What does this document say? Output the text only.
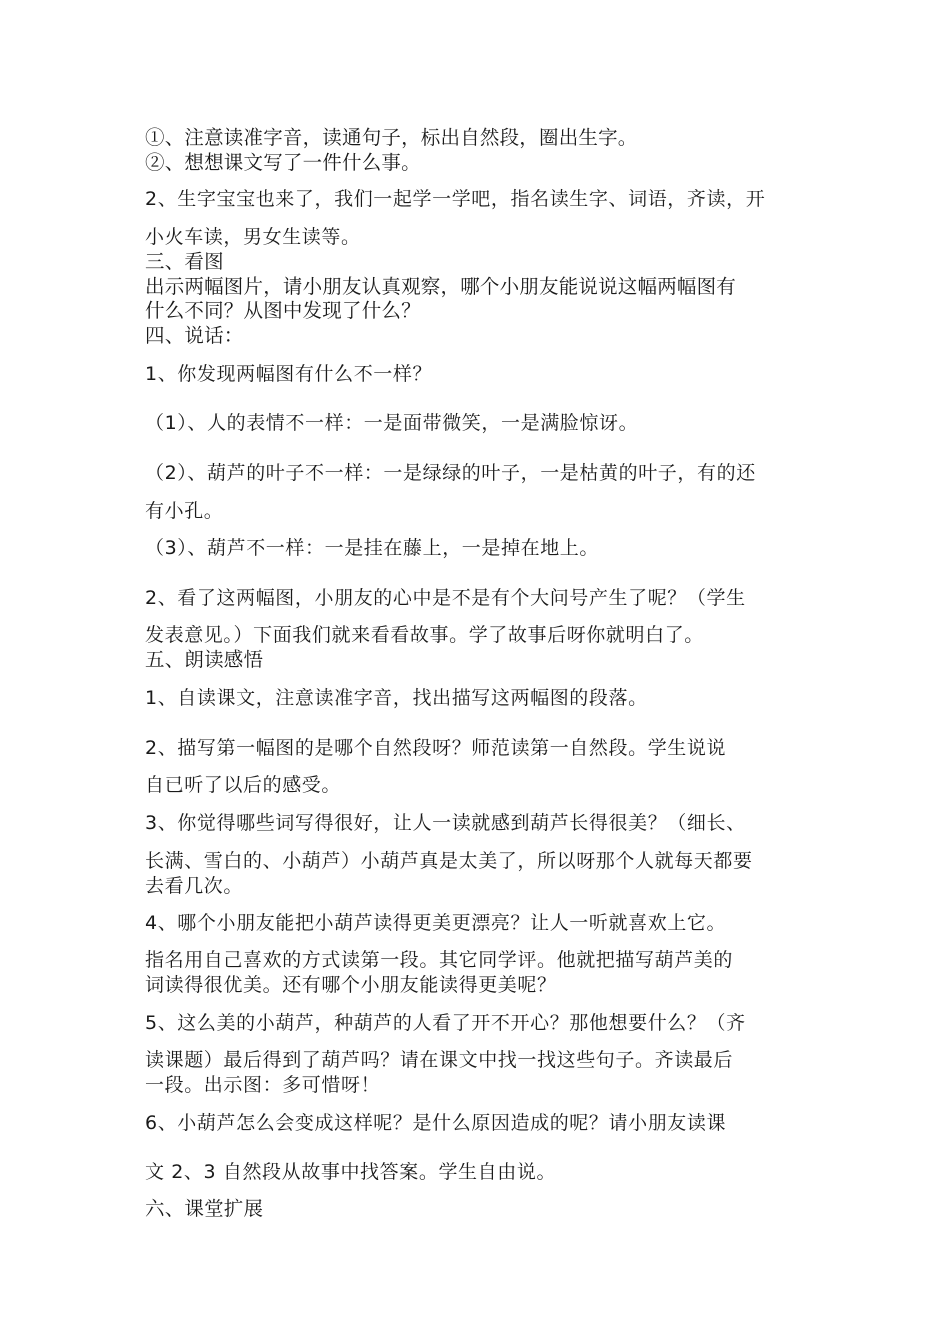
①、注意读准字音，读通句子，标出自然段，圈出生字。
②、想想课文写了一件什么事。
2、生字宝宝也来了，我们一起学一学吧，指名读生字、词语，齐读，开
小火车读，男女生读等。
三、看图
出示两幅图片，请小朋友认真观察，哪个小朋友能说说这幅两幅图有
什么不同？从图中发现了什么？
四、说话：
1、你发现两幅图有什么不一样？
（1）、人的表情不一样：一是面带微笑，一是满脸惊讶。
（2）、葫芦的叶子不一样：一是绿绿的叶子，一是枯黄的叶子，有的还
有小孔。
（3）、葫芦不一样：一是挂在藤上，一是掉在地上。
2、看了这两幅图，小朋友的心中是不是有个大问号产生了呢？（学生
发表意见。）下面我们就来看看故事。学了故事后呀你就明白了。
五、朗读感悟
1、自读课文，注意读准字音，找出描写这两幅图的段落。
2、描写第一幅图的是哪个自然段呀？师范读第一自然段。学生说说
自已听了以后的感受。
3、你觉得哪些词写得很好，让人一读就感到葫芦长得很美？（细长、
长满、雪白的、小葫芦）小葫芦真是太美了，所以呀那个人就每天都要
去看几次。
4、哪个小朋友能把小葫芦读得更美更漂亮？让人一听就喜欢上它。
指名用自己喜欢的方式读第一段。其它同学评。他就把描写葫芦美的
词读得很优美。还有哪个小朋友能读得更美呢？
5、这么美的小葫芦，种葫芦的人看了开不开心？那他想要什么？（齐
读课题）最后得到了葫芦吗？请在课文中找一找这些句子。齐读最后
一段。出示图：多可惜呀！
6、小葫芦怎么会变成这样呢？是什么原因造成的呢？请小朋友读课
文 2、3 自然段从故事中找答案。学生自由说。
六、课堂扩展
